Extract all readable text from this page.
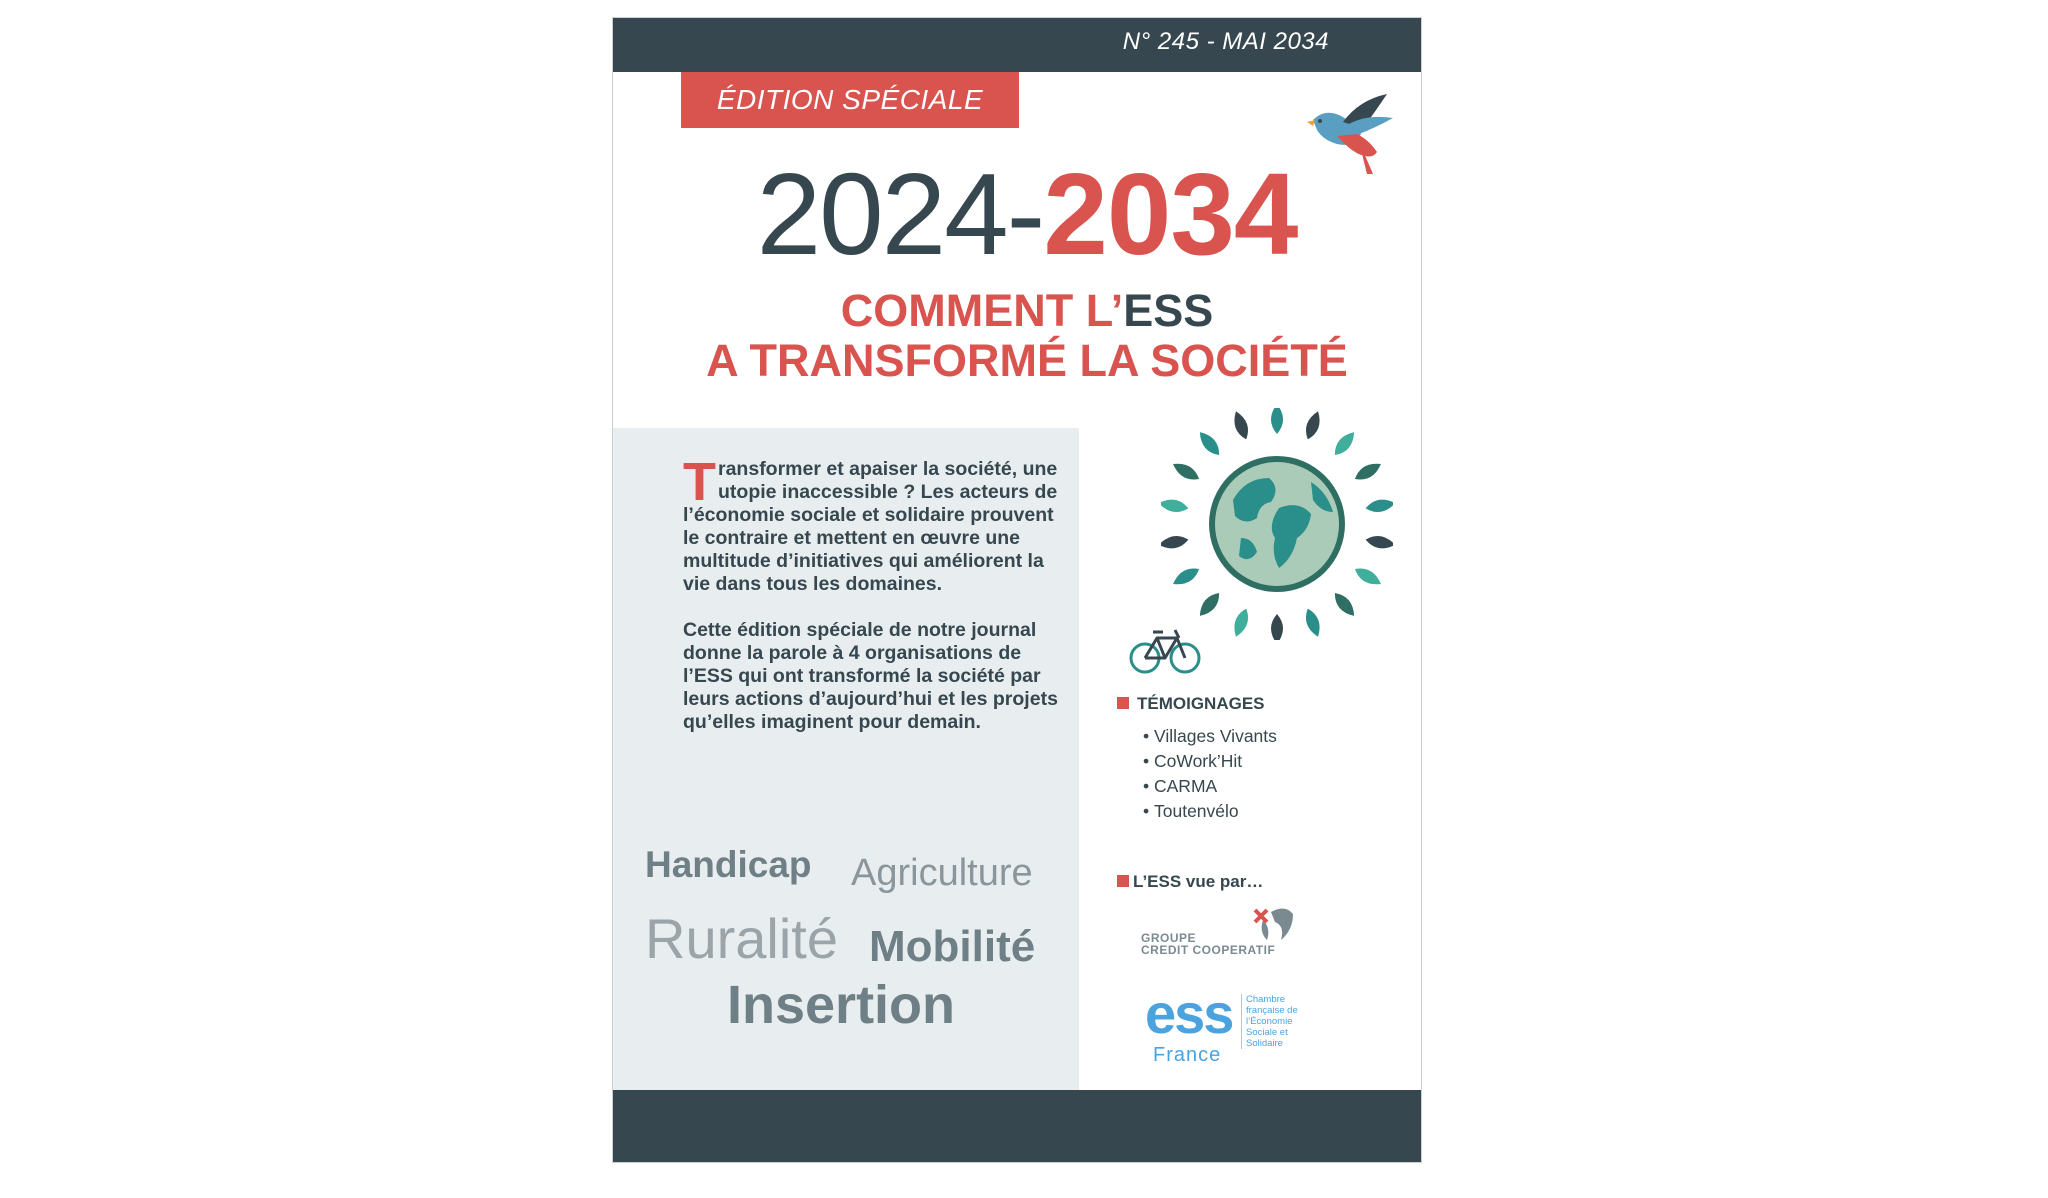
N° 245 - MAI 2034
ÉDITION SPÉCIALE
2024-2034
COMMENT L’ESS
A TRANSFORMÉ LA SOCIÉTÉ

Transformer et apaiser la société, une utopie inaccessible ? Les acteurs de l’économie sociale et solidaire prouvent le contraire et mettent en œuvre une multitude d’initiatives qui améliorent la vie dans tous les domaines.

Cette édition spéciale de notre journal donne la parole à 4 organisations de l’ESS qui ont transformé la société par leurs actions d’aujourd’hui et les projets qu’elles imaginent pour demain.

Handicap Agriculture
Ruralité Mobilité
Insertion
TÉMOIGNAGES
• Villages Vivants
• CoWork’Hit
• CARMA
• Toutenvélo
L’ESS vue par…
GROUPE
CREDIT COOPERATIF
ess
France
Chambre française de l’Économie Sociale et Solidaire
